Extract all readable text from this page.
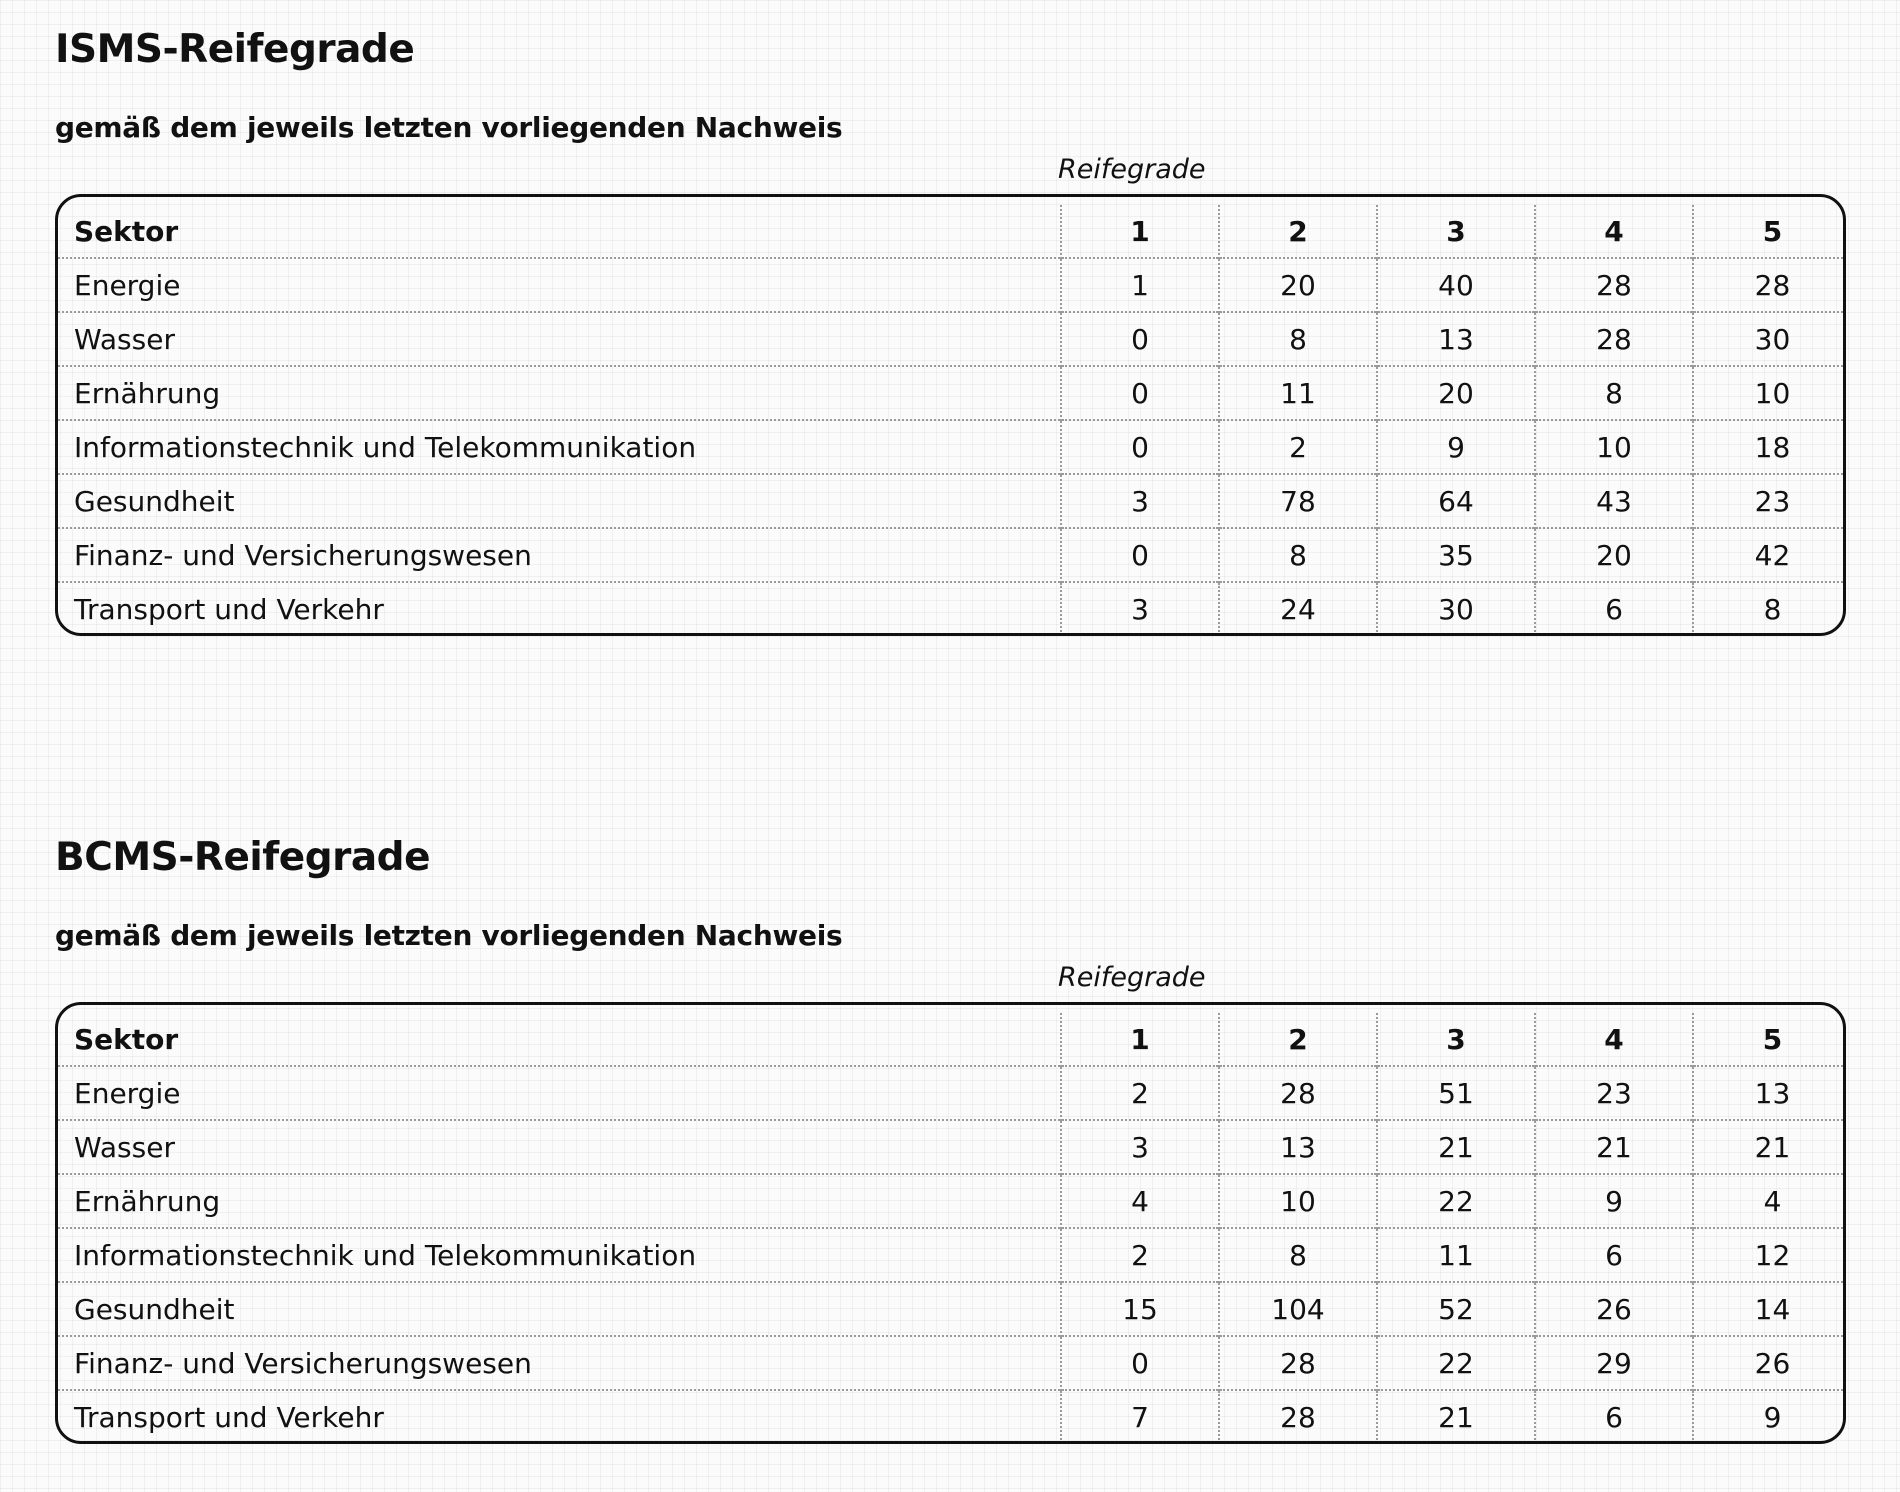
ISMS-Reifegrade
gemäß dem jeweils letzten vorliegenden Nachweis
Reifegrade
Sektor	1	2	3	4	5
Energie	1	20	40	28	28
Wasser	0	8	13	28	30
Ernährung	0	11	20	8	10
Informationstechnik und Telekommunikation	0	2	9	10	18
Gesundheit	3	78	64	43	23
Finanz- und Versicherungswesen	0	8	35	20	42
Transport und Verkehr	3	24	30	6	8
BCMS-Reifegrade
gemäß dem jeweils letzten vorliegenden Nachweis
Reifegrade
Sektor	1	2	3	4	5
Energie	2	28	51	23	13
Wasser	3	13	21	21	21
Ernährung	4	10	22	9	4
Informationstechnik und Telekommunikation	2	8	11	6	12
Gesundheit	15	104	52	26	14
Finanz- und Versicherungswesen	0	28	22	29	26
Transport und Verkehr	7	28	21	6	9
